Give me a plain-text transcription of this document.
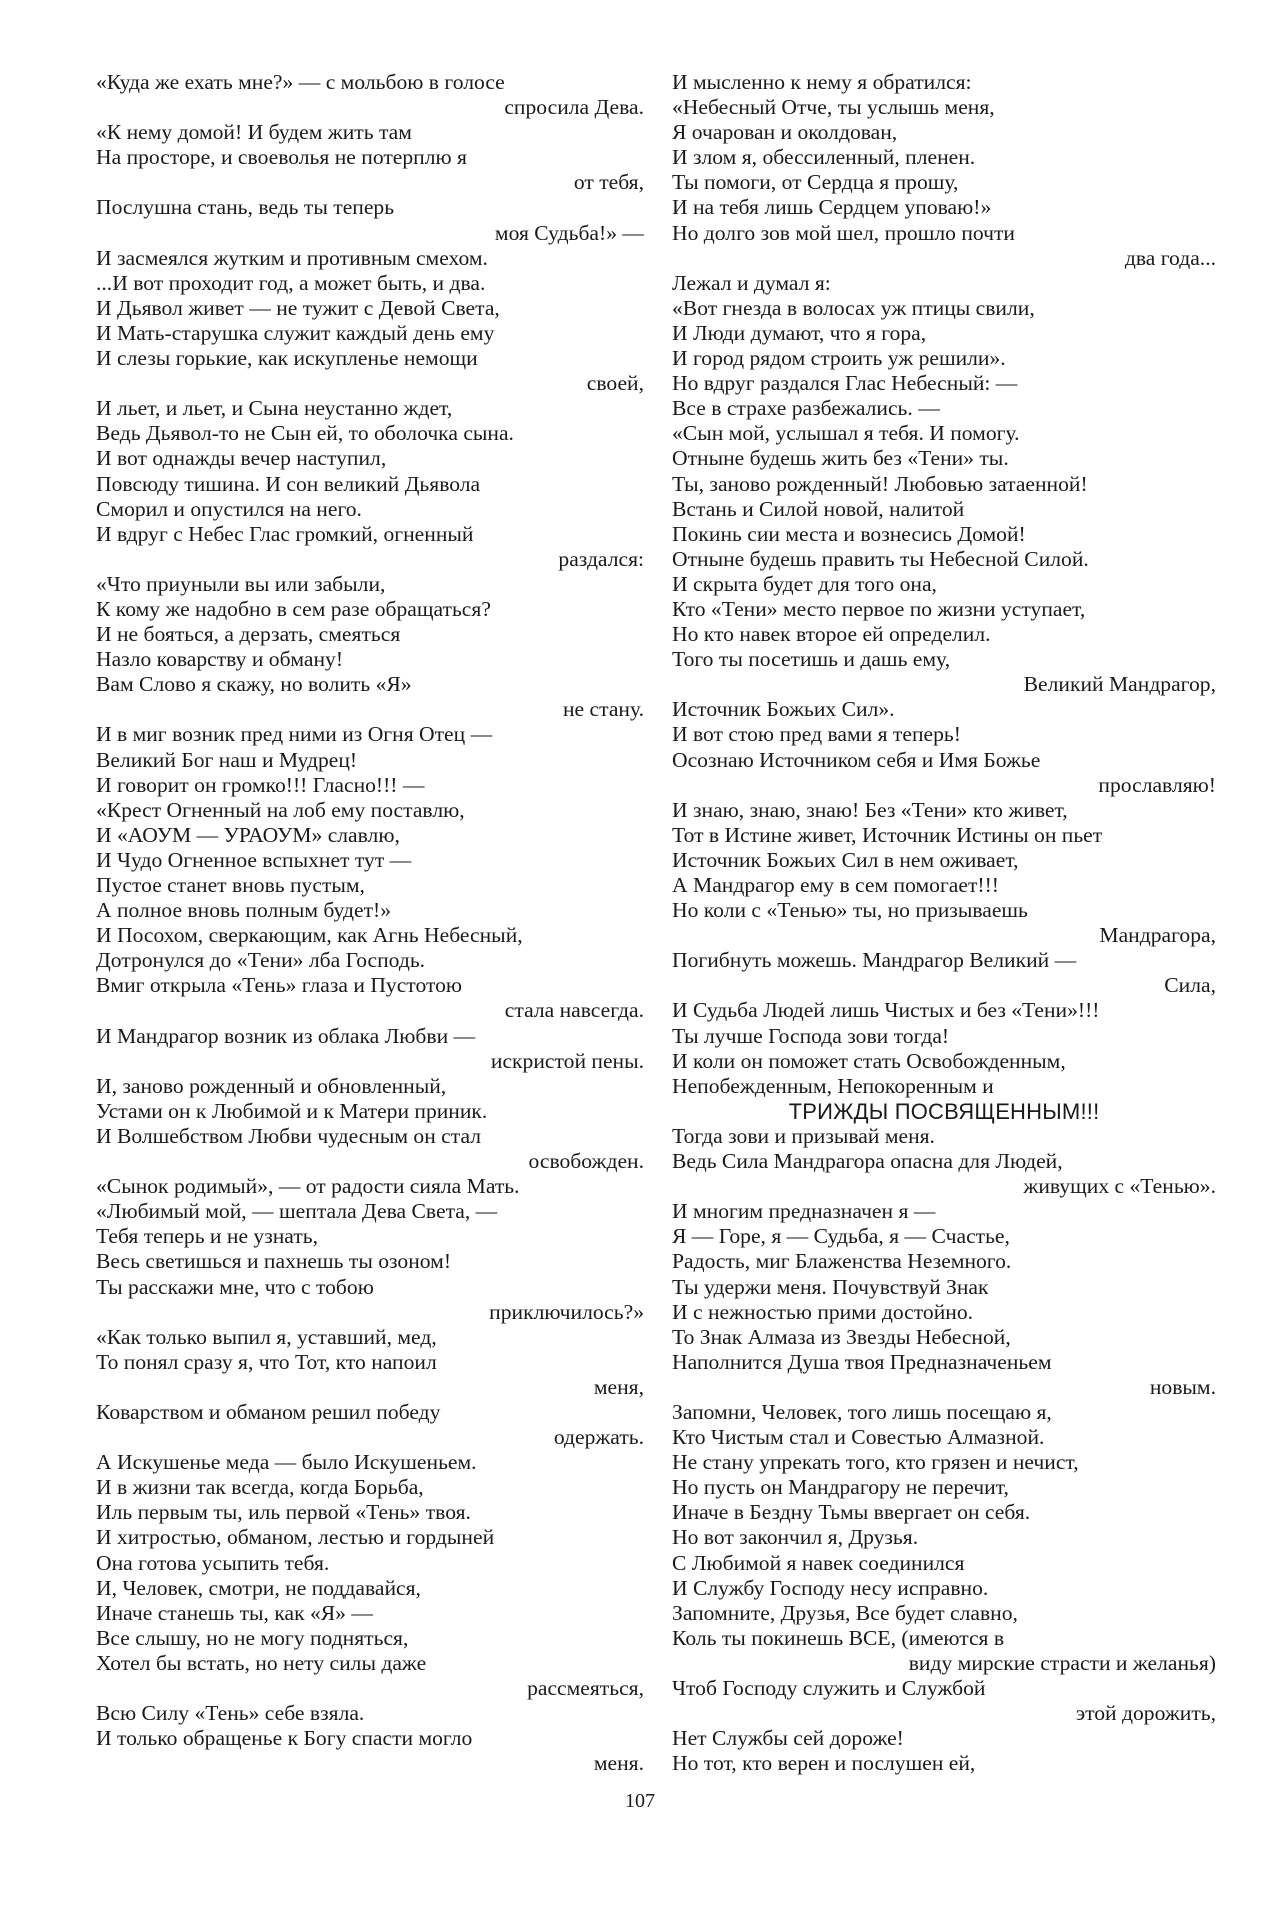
«Куда же ехать мне?» — с мольбою в голосе
спросила Дева.
«К нему домой! И будем жить там
На просторе, и своеволья не потерплю я
от тебя,
Послушна стань, ведь ты теперь
моя Судьба!» —
И засмеялся жутким и противным смехом.
...И вот проходит год, а может быть, и два.
И Дьявол живет — не тужит с Девой Света,
И Мать-старушка служит каждый день ему
И слезы горькие, как искупленье немощи
своей,
И льет, и льет, и Сына неустанно ждет,
Ведь Дьявол-то не Сын ей, то оболочка сына.
И вот однажды вечер наступил,
Повсюду тишина. И сон великий Дьявола
Сморил и опустился на него.
И вдруг с Небес Глас громкий, огненный
раздался:
«Что приуныли вы или забыли,
К кому же надобно в сем разе обращаться?
И не бояться, а дерзать, смеяться
Назло коварству и обману!
Вам Слово я скажу, но волить «Я»
не стану.
И в миг возник пред ними из Огня Отец —
Великий Бог наш и Мудрец!
И говорит он громко!!! Гласно!!! —
«Крест Огненный на лоб ему поставлю,
И «АОУМ — УРАОУМ» славлю,
И Чудо Огненное вспыхнет тут —
Пустое станет вновь пустым,
А полное вновь полным будет!»
И Посохом, сверкающим, как Агнь Небесный,
Дотронулся до «Тени» лба Господь.
Вмиг открыла «Тень» глаза и Пустотою
стала навсегда.
И Мандрагор возник из облака Любви —
искристой пены.
И, заново рожденный и обновленный,
Устами он к Любимой и к Матери приник.
И Волшебством Любви чудесным он стал
освобожден.
«Сынок родимый», — от радости сияла Мать.
«Любимый мой, — шептала Дева Света, —
Тебя теперь и не узнать,
Весь светишься и пахнешь ты озоном!
Ты расскажи мне, что с тобою
приключилось?»
«Как только выпил я, уставший, мед,
То понял сразу я, что Тот, кто напоил
меня,
Коварством и обманом решил победу
одержать.
А Искушенье меда — было Искушеньем.
И в жизни так всегда, когда Борьба,
Иль первым ты, иль первой «Тень» твоя.
И хитростью, обманом, лестью и гордыней
Она готова усыпить тебя.
И, Человек, смотри, не поддавайся,
Иначе станешь ты, как «Я» —
Все слышу, но не могу подняться,
Хотел бы встать, но нету силы даже
рассмеяться,
Всю Силу «Тень» себе взяла.
И только обращенье к Богу спасти могло
меня.
И мысленно к нему я обратился:
«Небесный Отче, ты услышь меня,
Я очарован и околдован,
И злом я, обессиленный, пленен.
Ты помоги, от Сердца я прошу,
И на тебя лишь Сердцем уповаю!»
Но долго зов мой шел, прошло почти
два года...
Лежал и думал я:
«Вот гнезда в волосах уж птицы свили,
И Люди думают, что я гора,
И город рядом строить уж решили».
Но вдруг раздался Глас Небесный: —
Все в страхе разбежались. —
«Сын мой, услышал я тебя. И помогу.
Отныне будешь жить без «Тени» ты.
Ты, заново рожденный! Любовью затаенной!
Встань и Силой новой, налитой
Покинь сии места и вознесись Домой!
Отныне будешь править ты Небесной Силой.
И скрыта будет для того она,
Кто «Тени» место первое по жизни уступает,
Но кто навек второе ей определил.
Того ты посетишь и дашь ему,
Великий Мандрагор,
Источник Божьих Сил».
И вот стою пред вами я теперь!
Осознаю Источником себя и Имя Божье
прославляю!
И знаю, знаю, знаю! Без «Тени» кто живет,
Тот в Истине живет, Источник Истины он пьет
Источник Божьих Сил в нем оживает,
А Мандрагор ему в сем помогает!!!
Но коли с «Тенью» ты, но призываешь
Мандрагора,
Погибнуть можешь. Мандрагор Великий —
Сила,
И Судьба Людей лишь Чистых и без «Тени»!!!
Ты лучше Господа зови тогда!
И коли он поможет стать Освобожденным,
Непобежденным, Непокоренным и
ТРИЖДЫ ПОСВЯЩЕННЫМ!!!
Тогда зови и призывай меня.
Ведь Сила Мандрагора опасна для Людей,
живущих с «Тенью».
И многим предназначен я —
Я — Горе, я — Судьба, я — Счастье,
Радость, миг Блаженства Неземного.
Ты удержи меня. Почувствуй Знак
И с нежностью прими достойно.
То Знак Алмаза из Звезды Небесной,
Наполнится Душа твоя Предназначеньем
новым.
Запомни, Человек, того лишь посещаю я,
Кто Чистым стал и Совестью Алмазной.
Не стану упрекать того, кто грязен и нечист,
Но пусть он Мандрагору не перечит,
Иначе в Бездну Тьмы ввергает он себя.
Но вот закончил я, Друзья.
С Любимой я навек соединился
И Службу Господу несу исправно.
Запомните, Друзья, Все будет славно,
Коль ты покинешь ВСЕ, (имеются в
виду мирские страсти и желанья)
Чтоб Господу служить и Службой
этой дорожить,
Нет Службы сей дороже!
Но тот, кто верен и послушен ей,
107
